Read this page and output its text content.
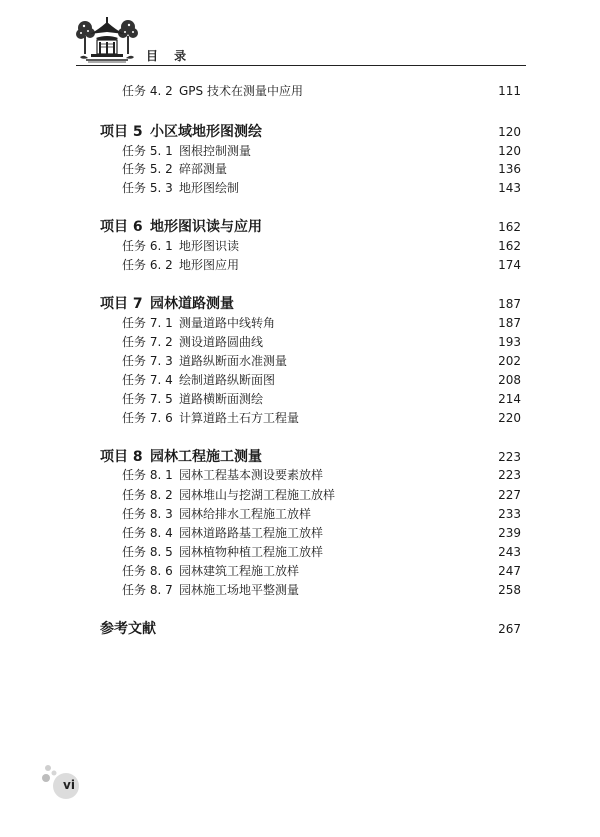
目 录
任务 4. 2 GPS 技术在测量中应用	111
项目 5 小区域地形图测绘	120
任务 5. 1 图根控制测量	120
任务 5. 2 碎部测量	136
任务 5. 3 地形图绘制	143
项目 6 地形图识读与应用	162
任务 6. 1 地形图识读	162
任务 6. 2 地形图应用	174
项目 7 园林道路测量	187
任务 7. 1 测量道路中线转角	187
任务 7. 2 测设道路圆曲线	193
任务 7. 3 道路纵断面水准测量	202
任务 7. 4 绘制道路纵断面图	208
任务 7. 5 道路横断面测绘	214
任务 7. 6 计算道路土石方工程量	220
项目 8 园林工程施工测量	223
任务 8. 1 园林工程基本测设要素放样	223
任务 8. 2 园林堆山与挖湖工程施工放样	227
任务 8. 3 园林给排水工程施工放样	233
任务 8. 4 园林道路路基工程施工放样	239
任务 8. 5 园林植物种植工程施工放样	243
任务 8. 6 园林建筑工程施工放样	247
任务 8. 7 园林施工场地平整测量	258
参考文献	267
vi
